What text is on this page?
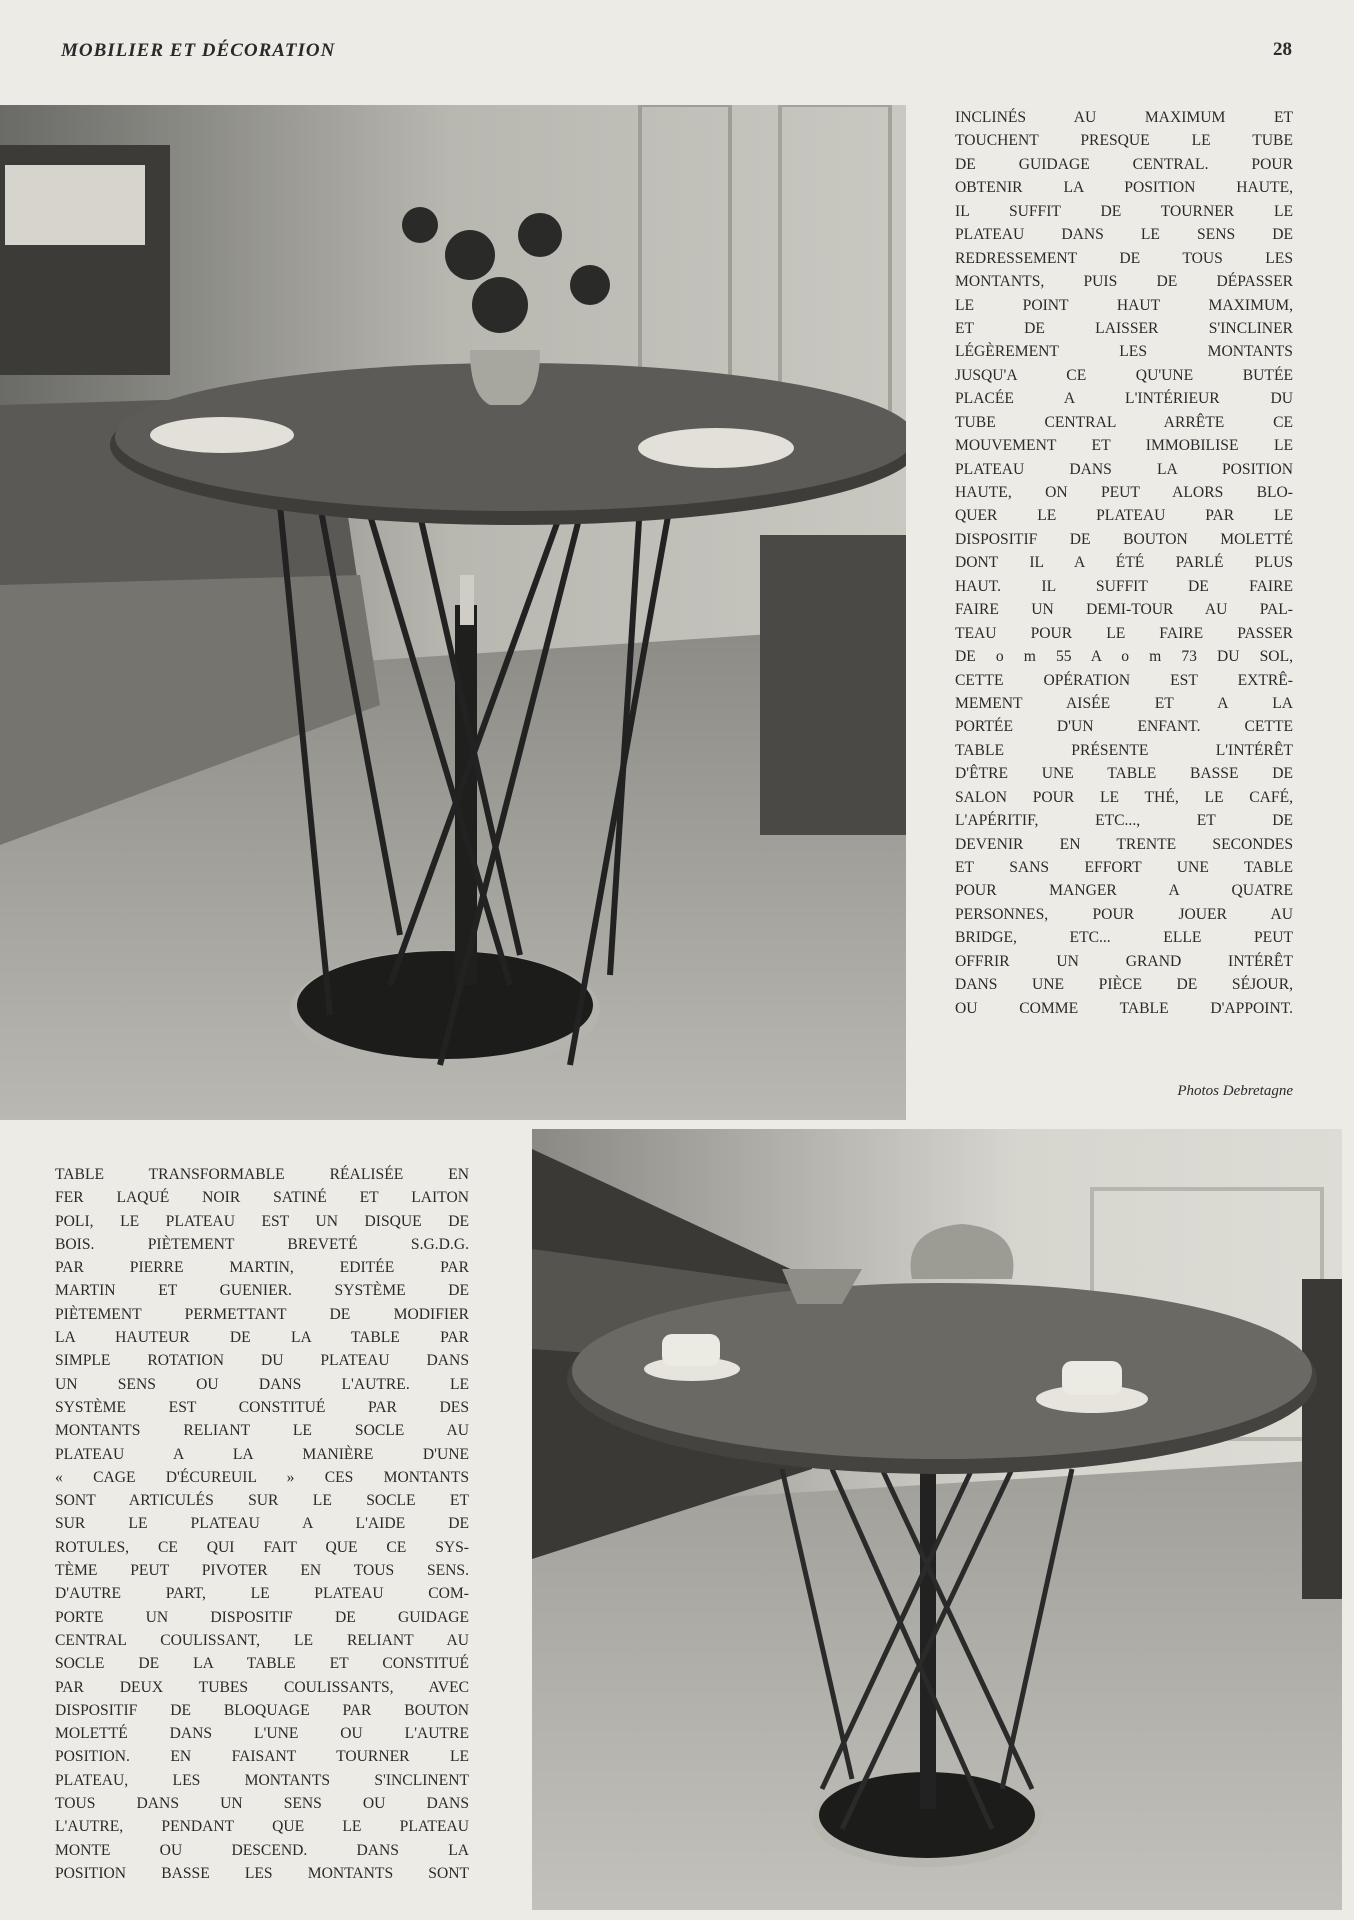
MOBILIER ET DÉCORATION	28
INCLINÉS AU MAXIMUM ET
TOUCHENT PRESQUE LE TUBE
DE GUIDAGE CENTRAL. POUR
OBTENIR LA POSITION HAUTE,
IL SUFFIT DE TOURNER LE
PLATEAU DANS LE SENS DE
REDRESSEMENT DE TOUS LES
MONTANTS, PUIS DE DÉPASSER
LE POINT HAUT MAXIMUM,
ET DE LAISSER S'INCLINER
LÉGÈREMENT LES MONTANTS
JUSQU'A CE QU'UNE BUTÉE
PLACÉE A L'INTÉRIEUR DU
TUBE CENTRAL ARRÊTE CE
MOUVEMENT ET IMMOBILISE LE
PLATEAU DANS LA POSITION
HAUTE, ON PEUT ALORS BLO-
QUER LE PLATEAU PAR LE
DISPOSITIF DE BOUTON MOLETTÉ
DONT IL A ÉTÉ PARLÉ PLUS
HAUT. IL SUFFIT DE FAIRE
FAIRE UN DEMI-TOUR AU PAL-
TEAU POUR LE FAIRE PASSER
DE o m 55 A o m 73 DU SOL,
CETTE OPÉRATION EST EXTRÊ-
MEMENT AISÉE ET A LA
PORTÉE D'UN ENFANT. CETTE
TABLE PRÉSENTE L'INTÉRÊT
D'ÊTRE UNE TABLE BASSE DE
SALON POUR LE THÉ, LE CAFÉ,
L'APÉRITIF, ETC..., ET DE
DEVENIR EN TRENTE SECONDES
ET SANS EFFORT UNE TABLE
POUR MANGER A QUATRE
PERSONNES, POUR JOUER AU
BRIDGE, ETC... ELLE PEUT
OFFRIR UN GRAND INTÉRÊT
DANS UNE PIÈCE DE SÉJOUR,
OU COMME TABLE D'APPOINT.
Photos Debretagne
TABLE TRANSFORMABLE RÉALISÉE EN
FER LAQUÉ NOIR SATINÉ ET LAITON
POLI, LE PLATEAU EST UN DISQUE DE
BOIS. PIÈTEMENT BREVETÉ S.G.D.G.
PAR PIERRE MARTIN, EDITÉE PAR
MARTIN ET GUENIER. SYSTÈME DE
PIÈTEMENT PERMETTANT DE MODIFIER
LA HAUTEUR DE LA TABLE PAR
SIMPLE ROTATION DU PLATEAU DANS
UN SENS OU DANS L'AUTRE. LE
SYSTÈME EST CONSTITUÉ PAR DES
MONTANTS RELIANT LE SOCLE AU
PLATEAU A LA MANIÈRE D'UNE
« CAGE D'ÉCUREUIL » CES MONTANTS
SONT ARTICULÉS SUR LE SOCLE ET
SUR LE PLATEAU A L'AIDE DE
ROTULES, CE QUI FAIT QUE CE SYS-
TÈME PEUT PIVOTER EN TOUS SENS.
D'AUTRE PART, LE PLATEAU COM-
PORTE UN DISPOSITIF DE GUIDAGE
CENTRAL COULISSANT, LE RELIANT AU
SOCLE DE LA TABLE ET CONSTITUÉ
PAR DEUX TUBES COULISSANTS, AVEC
DISPOSITIF DE BLOQUAGE PAR BOUTON
MOLETTÉ DANS L'UNE OU L'AUTRE
POSITION. EN FAISANT TOURNER LE
PLATEAU, LES MONTANTS S'INCLINENT
TOUS DANS UN SENS OU DANS
L'AUTRE, PENDANT QUE LE PLATEAU
MONTE OU DESCEND. DANS LA
POSITION BASSE LES MONTANTS SONT
